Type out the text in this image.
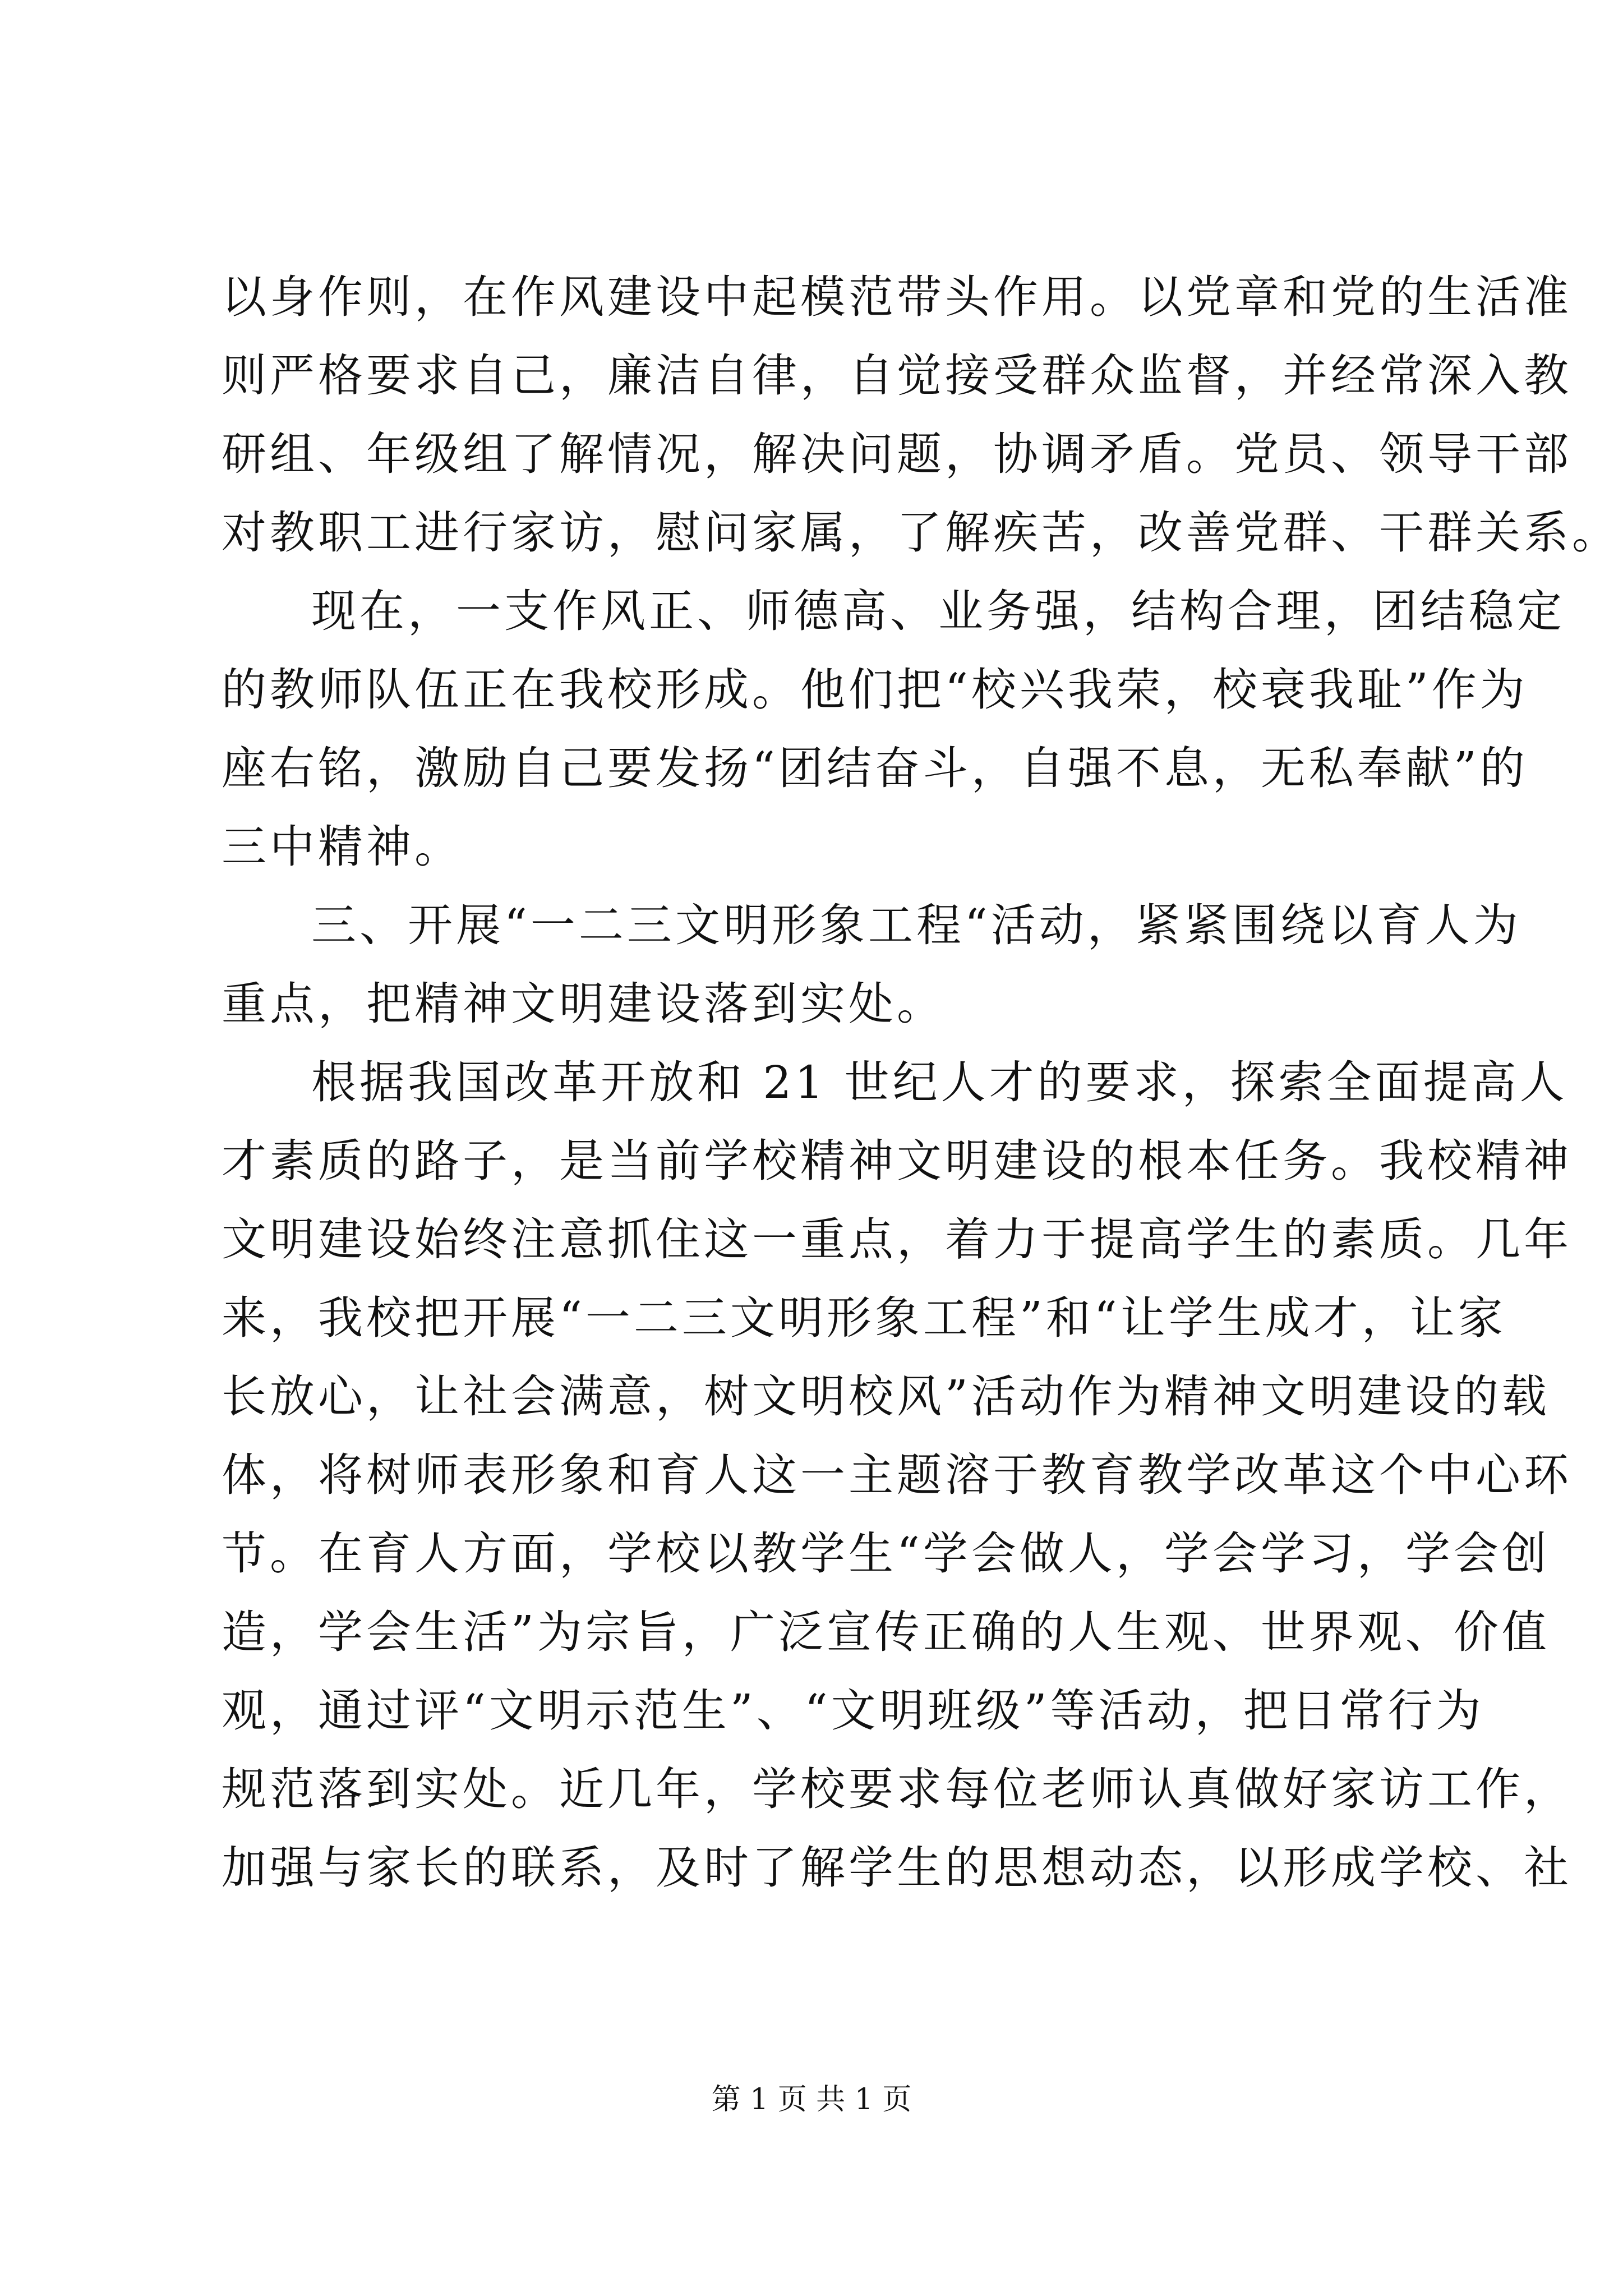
以身作则，在作风建设中起模范带头作用。以党章和党的生活准
则严格要求自己，廉洁自律，自觉接受群众监督，并经常深入教
研组、年级组了解情况，解决问题，协调矛盾。党员、领导干部
对教职工进行家访，慰问家属，了解疾苦，改善党群、干群关系。
现在，一支作风正、师德高、业务强，结构合理，团结稳定
的教师队伍正在我校形成。他们把“校兴我荣，校衰我耻”作为
座右铭，激励自己要发扬“团结奋斗，自强不息，无私奉献”的
三中精神。
三、开展“一二三文明形象工程“活动，紧紧围绕以育人为
重点，把精神文明建设落到实处。
根据我国改革开放和 21 世纪人才的要求，探索全面提高人
才素质的路子，是当前学校精神文明建设的根本任务。我校精神
文明建设始终注意抓住这一重点，着力于提高学生的素质。几年
来，我校把开展“一二三文明形象工程”和“让学生成才，让家
长放心，让社会满意，树文明校风”活动作为精神文明建设的载
体，将树师表形象和育人这一主题溶于教育教学改革这个中心环
节。在育人方面，学校以教学生“学会做人，学会学习，学会创
造，学会生活”为宗旨，广泛宣传正确的人生观、世界观、价值
观，通过评“文明示范生”、“文明班级”等活动，把日常行为
规范落到实处。近几年，学校要求每位老师认真做好家访工作，
加强与家长的联系，及时了解学生的思想动态，以形成学校、社
第 1 页 共 1 页
